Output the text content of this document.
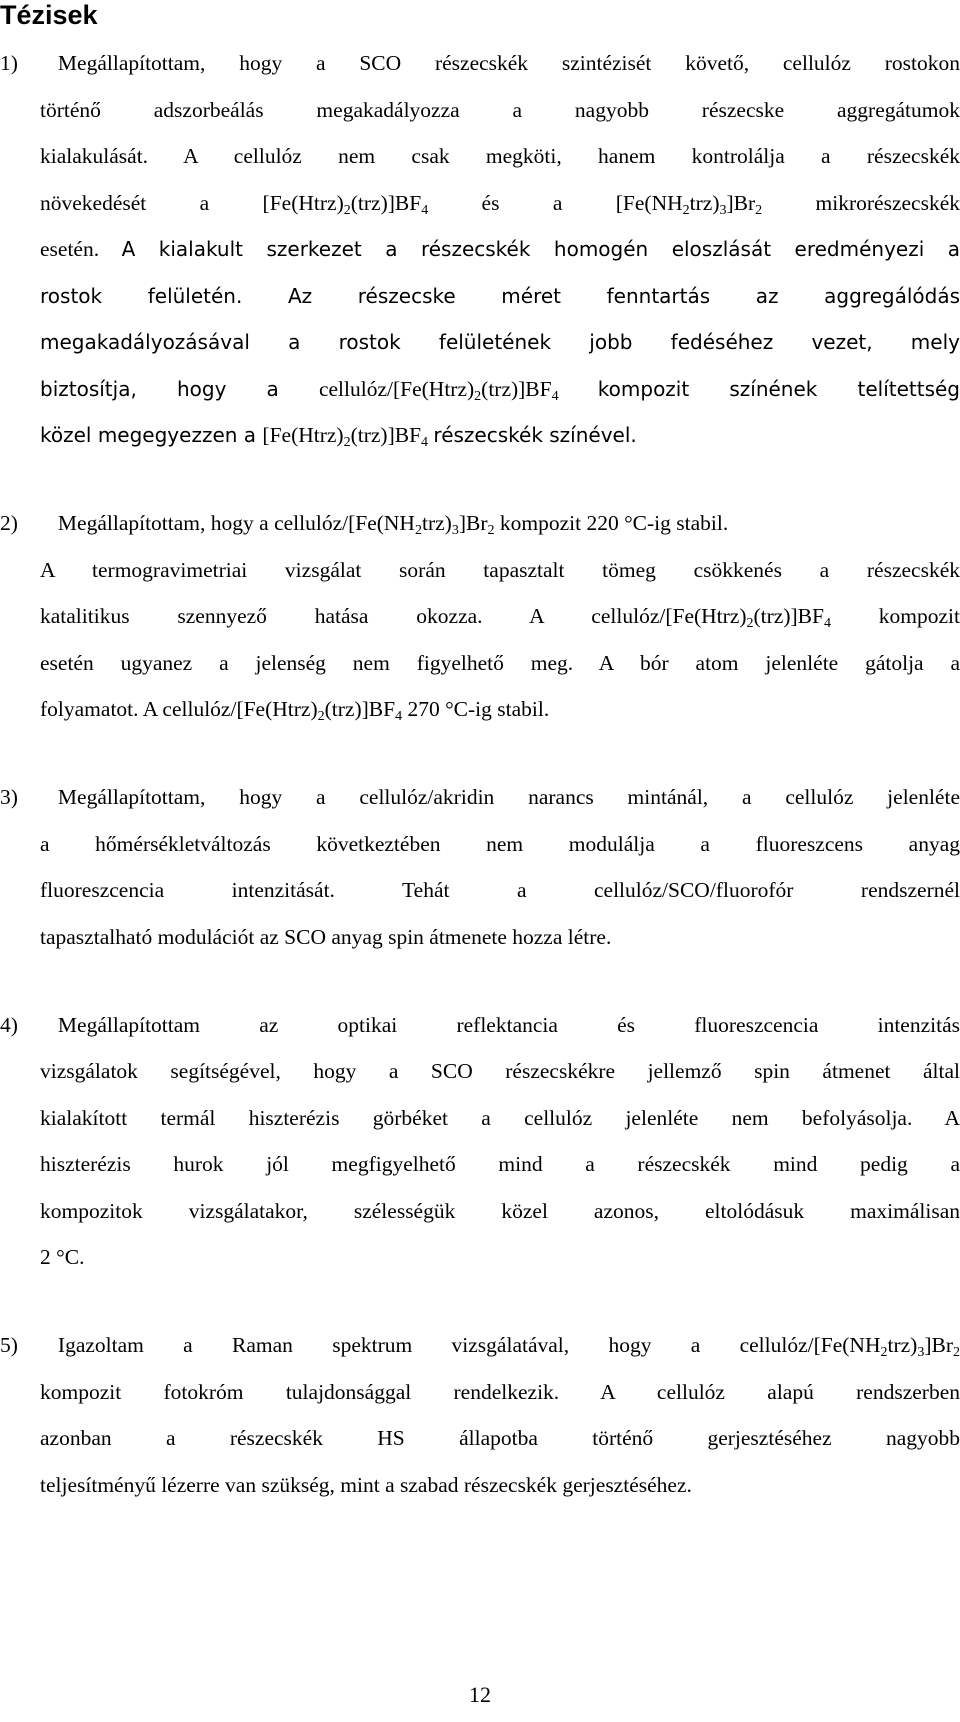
Tézisek

1) Megállapítottam, hogy a SCO részecskék szintézisét követő, cellulóz rostokon

történő adszorbeálás megakadályozza a nagyobb részecske aggregátumok

kialakulását. A cellulóz nem csak megköti, hanem kontrolálja a részecskék

növekedését a $[Fe(Htrz)_2(trz)]BF_4$ és a $[Fe(NH_2trz)_3]Br_2$ mikrorészecskék

esetén. A kialakult szerkezet a részecskék homogén eloszlását eredményezi a

rostok felületén. Az részecske méret fenntartás az aggregálódás

megakadályozásával a rostok felületének jobb fedéséhez vezet, mely

biztosítja, hogy a cellulóz/$[Fe(Htrz)_2(trz)]BF_4$ kompozit színének telítettség

közel megegyezzen a $[Fe(Htrz)_2(trz)]BF_4$ részecskék színével.

2) Megállapítottam, hogy a cellulóz/$[Fe(NH_2trz)_3]Br_2$ kompozit 220 °C-ig stabil.

A termogravimetriai vizsgálat során tapasztalt tömeg csökkenés a részecskék

katalitikus szennyező hatása okozza. A cellulóz/$[Fe(Htrz)_2(trz)]BF_4$ kompozit

esetén ugyanez a jelenség nem figyelhető meg. A bór atom jelenléte gátolja a

folyamatot. A cellulóz/$[Fe(Htrz)_2(trz)]BF_4$ 270 °C-ig stabil.

3) Megállapítottam, hogy a cellulóz/akridin narancs mintánál, a cellulóz jelenléte

a hőmérsékletváltozás következtében nem modulálja a fluoreszcens anyag

fluoreszcencia intenzitását. Tehát a cellulóz/SCO/fluorofór rendszernél

tapasztalható modulációt az SCO anyag spin átmenete hozza létre.

4) Megállapítottam az optikai reflektancia és fluoreszcencia intenzitás

vizsgálatok segítségével, hogy a SCO részecskékre jellemző spin átmenet által

kialakított termál hiszterézis görbéket a cellulóz jelenléte nem befolyásolja. A

hiszterézis hurok jól megfigyelhető mind a részecskék mind pedig a

kompozitok vizsgálatakor, szélességük közel azonos, eltolódásuk maximálisan

2 °C.

5) Igazoltam a Raman spektrum vizsgálatával, hogy a cellulóz/$[Fe(NH_2trz)_3]Br_2$

kompozit fotokróm tulajdonsággal rendelkezik. A cellulóz alapú rendszerben

azonban a részecskék HS állapotba történő gerjesztéséhez nagyobb

teljesítményű lézerre van szükség, mint a szabad részecskék gerjesztéséhez.

12
